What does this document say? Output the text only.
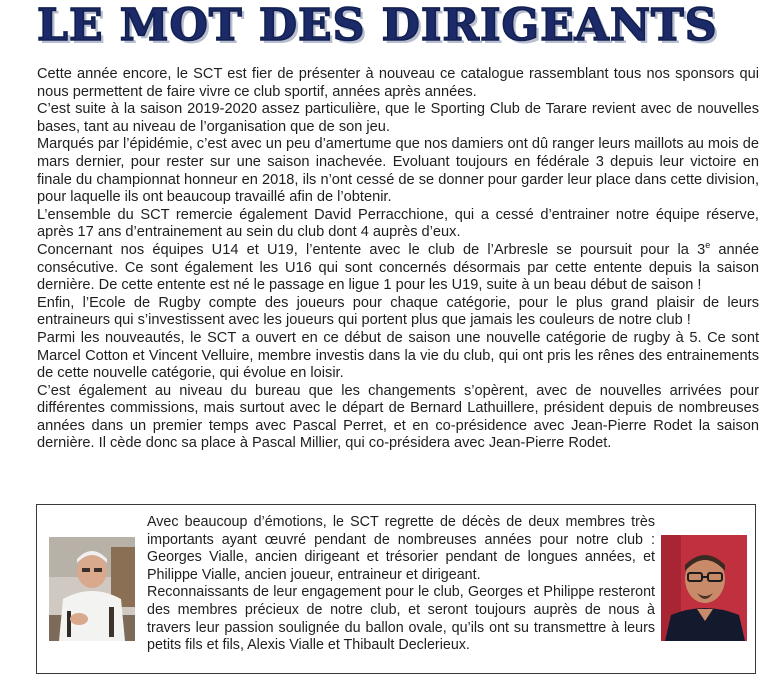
LE MOT DES DIRIGEANTS

Cette année encore, le SCT est fier de présenter à nouveau ce catalogue rassemblant tous nos sponsors qui nous permettent de faire vivre ce club sportif, années après années.

C’est suite à la saison 2019-2020 assez particulière, que le Sporting Club de Tarare revient avec de nouvelles bases, tant au niveau de l’organisation que de son jeu.

Marqués par l’épidémie, c’est avec un peu d’amertume que nos damiers ont dû ranger leurs maillots au mois de mars dernier, pour rester sur une saison inachevée. Evoluant toujours en fédérale 3 depuis leur victoire en finale du championnat honneur en 2018, ils n’ont cessé de se donner pour garder leur place dans cette division, pour laquelle ils ont beaucoup travaillé afin de l’obtenir.

L’ensemble du SCT remercie également David Perracchione, qui a cessé d’entrainer notre équipe réserve, après 17 ans d’entrainement au sein du club dont 4 auprès d’eux.

Concernant nos équipes U14 et U19, l’entente avec le club de l’Arbresle se poursuit pour la 3e année consécutive. Ce sont également les U16 qui sont concernés désormais par cette entente depuis la saison dernière. De cette entente est né le passage en ligue 1 pour les U19, suite à un beau début de saison !

Enfin, l’Ecole de Rugby compte des joueurs pour chaque catégorie, pour le plus grand plaisir de leurs entraineurs qui s’investissent avec les joueurs qui portent plus que jamais les couleurs de notre club !

Parmi les nouveautés, le SCT a ouvert en ce début de saison une nouvelle catégorie de rugby à 5. Ce sont Marcel Cotton et Vincent Velluire, membre investis dans la vie du club, qui ont pris les rênes des entrainements de cette nouvelle catégorie, qui évolue en loisir.

C’est également au niveau du bureau que les changements s’opèrent, avec de nouvelles arrivées pour différentes commissions, mais surtout avec le départ de Bernard Lathuillere, président depuis de nombreuses années dans un premier temps avec Pascal Perret, et en co-présidence avec Jean-Pierre Rodet la saison dernière. Il cède donc sa place à Pascal Millier, qui co-présidera avec Jean-Pierre Rodet.

Avec beaucoup d’émotions, le SCT regrette de décès de deux membres très importants ayant œuvré pendant de nombreuses années pour notre club : Georges Vialle, ancien dirigeant et trésorier pendant de longues années, et Philippe Vialle, ancien joueur, entraineur et dirigeant.

Reconnaissants de leur engagement pour le club, Georges et Philippe resteront des membres précieux de notre club, et seront toujours auprès de nous à travers leur passion soulignée du ballon ovale, qu’ils ont su transmettre à leurs petits fils et fils, Alexis Vialle et Thibault Declerieux.
